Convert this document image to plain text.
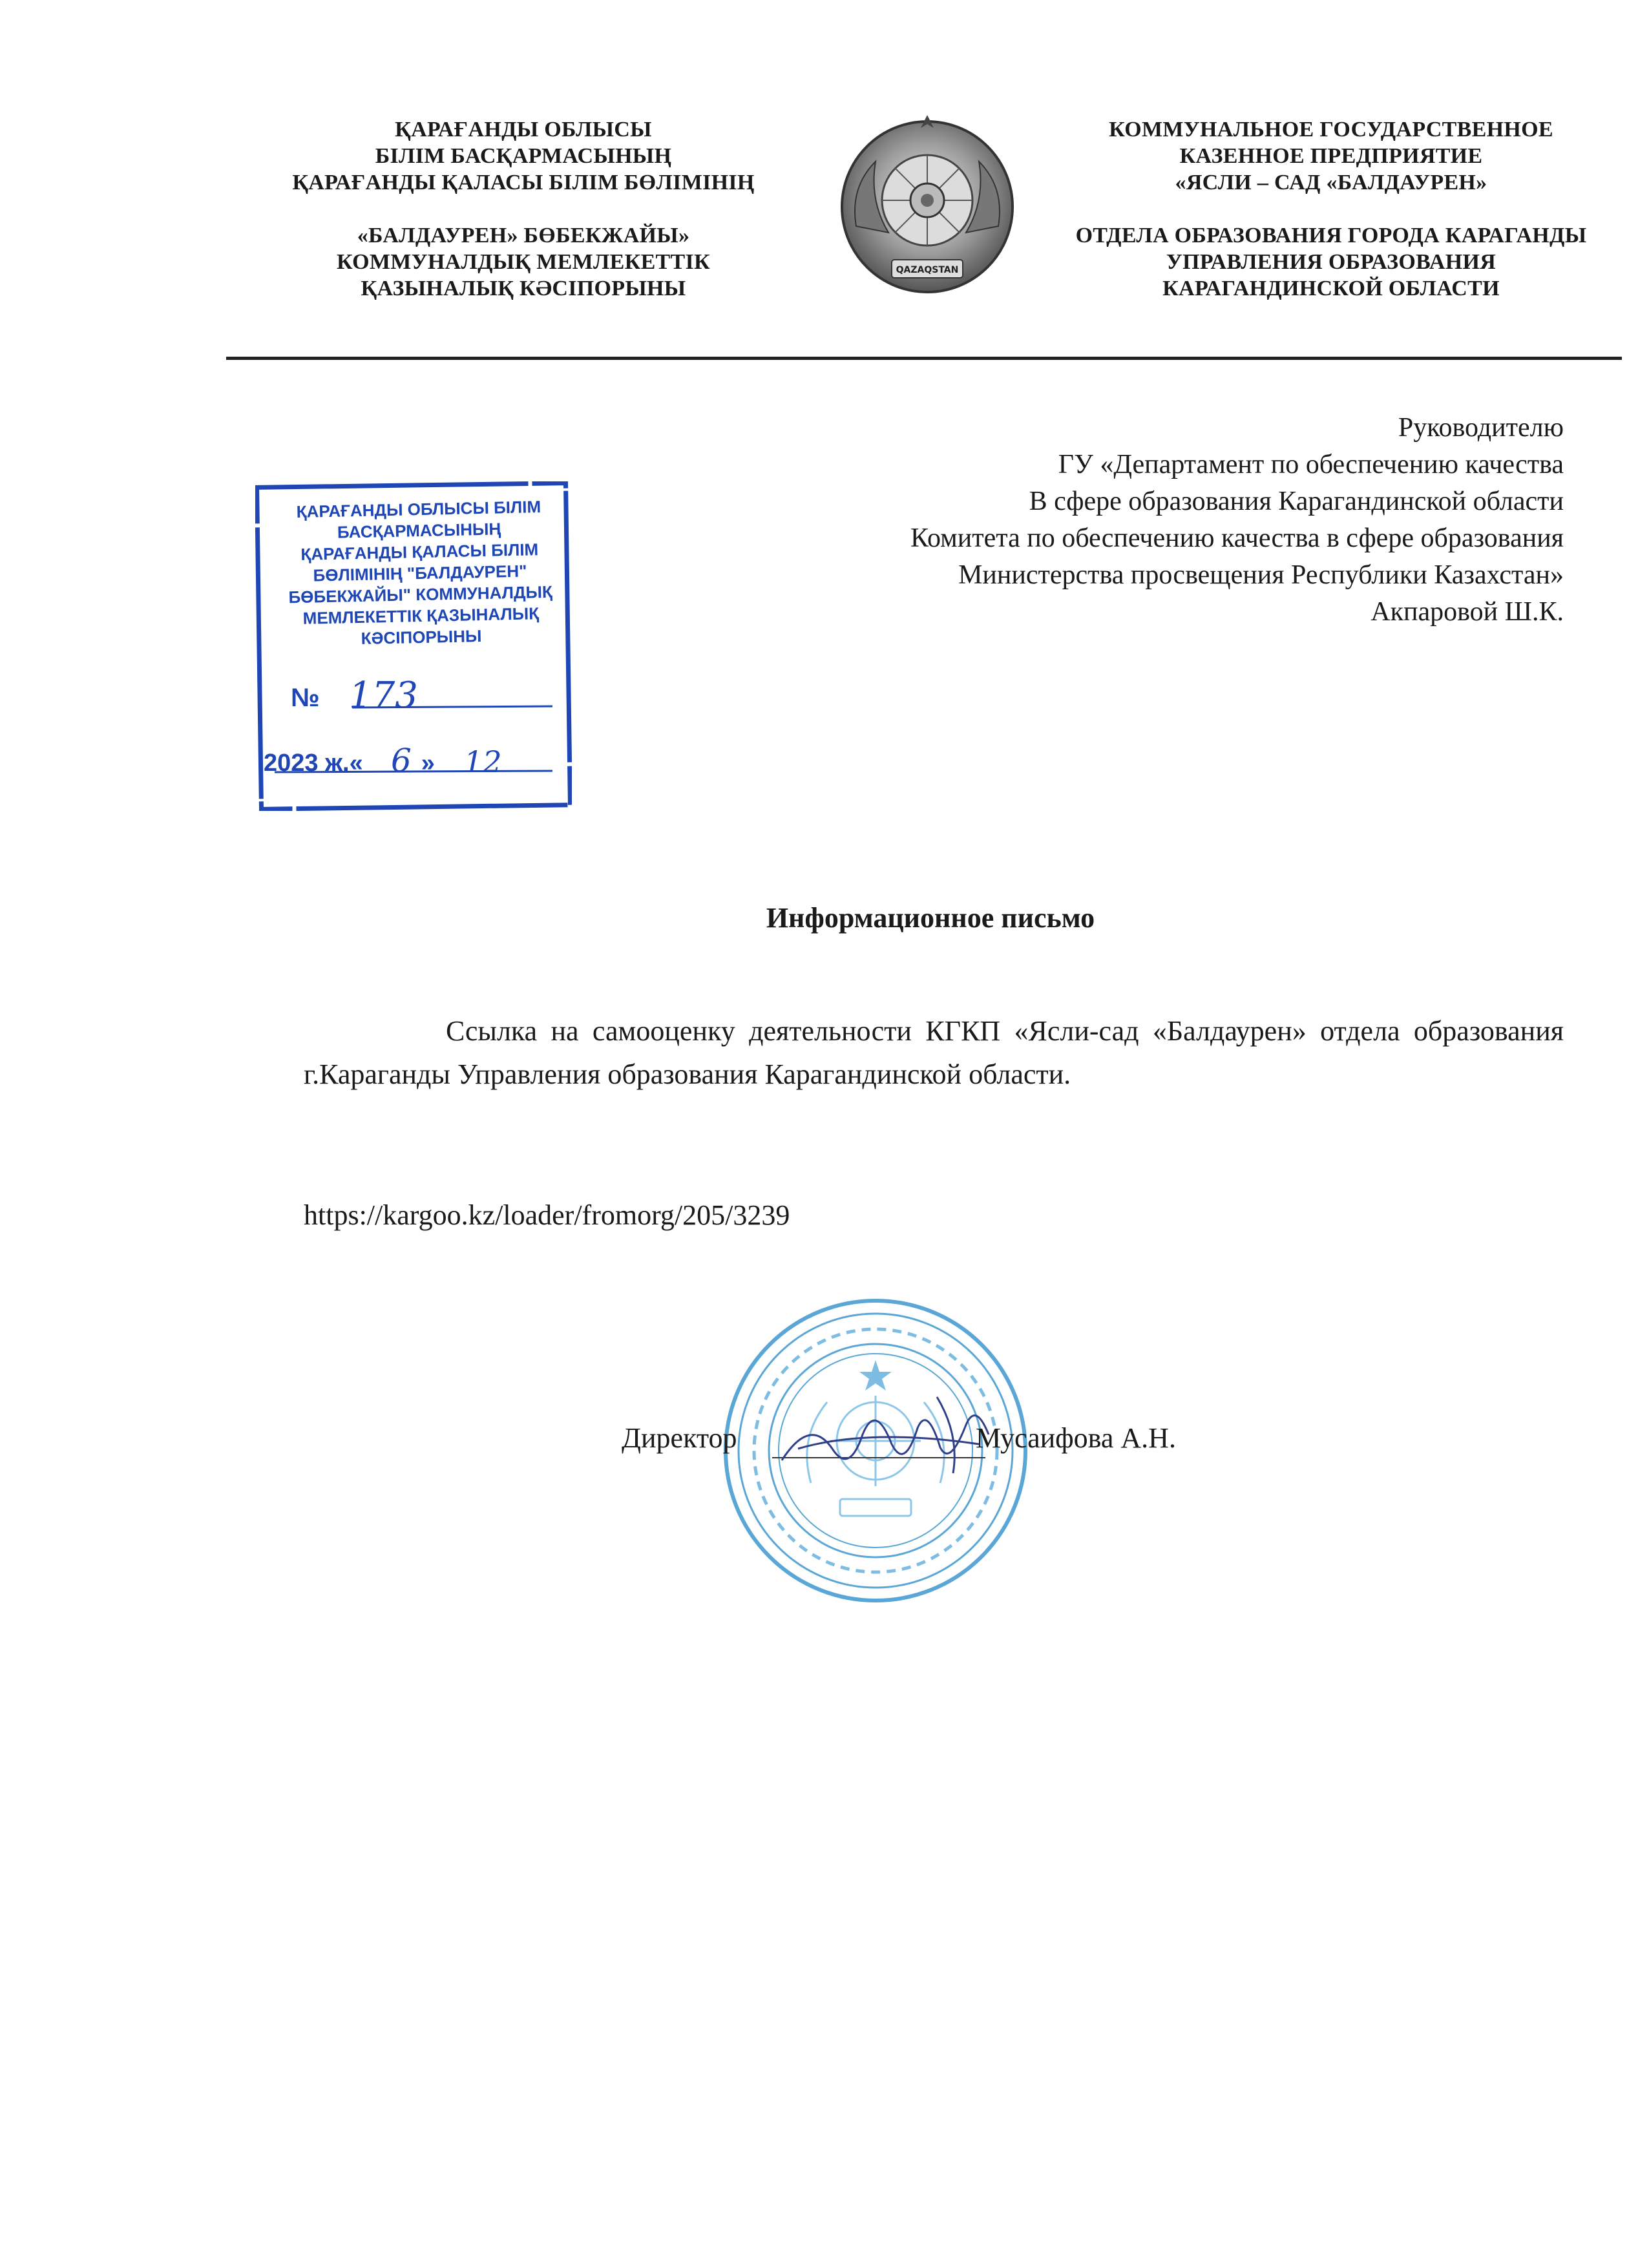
ҚАРАҒАНДЫ ОБЛЫСЫ
БІЛІМ БАСҚАРМАСЫНЫҢ
ҚАРАҒАНДЫ ҚАЛАСЫ БІЛІМ БӨЛІМІНІҢ
«БАЛДАУРЕН» БӨБЕКЖАЙЫ»
КОММУНАЛДЫҚ МЕМЛЕКЕТТІК
ҚАЗЫНАЛЫҚ КӘСІПОРЫНЫ
QAZAQSTAN
КОММУНАЛЬНОЕ ГОСУДАРСТВЕННОЕ
КАЗЕННОЕ ПРЕДПРИЯТИЕ
«ЯСЛИ – САД «БАЛДАУРЕН»
ОТДЕЛА ОБРАЗОВАНИЯ ГОРОДА КАРАГАНДЫ
УПРАВЛЕНИЯ ОБРАЗОВАНИЯ
КАРАГАНДИНСКОЙ ОБЛАСТИ
Руководителю
ГУ «Департамент по обеспечению качества
В сфере образования Карагандинской области
Комитета по обеспечению качества в сфере образования
Министерства просвещения Республики Казахстан»
Акпаровой Ш.К.
ҚАРАҒАНДЫ ОБЛЫСЫ БІЛІМ
БАСҚАРМАСЫНЫҢ
ҚАРАҒАНДЫ ҚАЛАСЫ БІЛІМ
БӨЛІМІНІҢ "БАЛДАУРЕН"
БӨБЕКЖАЙЫ" КОММУНАЛДЫҚ
МЕМЛЕКЕТТІК ҚАЗЫНАЛЫҚ
КӘСІПОРЫНЫ
№ 173
2023 ж.« »
6 12
Информационное письмо
Ссылка на самооценку деятельности КГКП «Ясли-сад «Балдаурен» отдела образования г.Караганды Управления образования Карагандинской области.
https://kargoo.kz/loader/fromorg/205/3239
Директор	Мусаифова А.Н.
